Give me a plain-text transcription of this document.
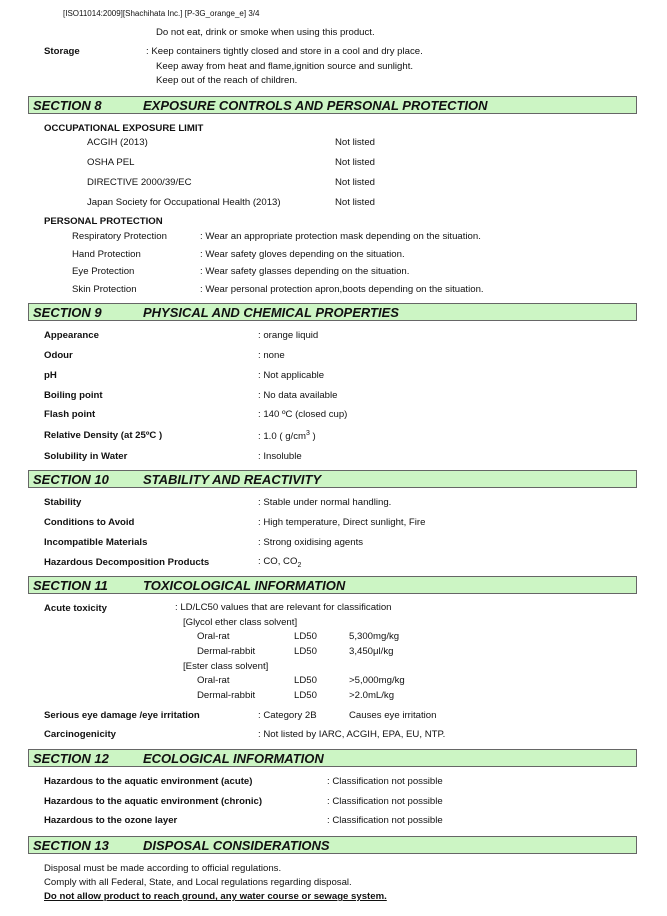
[ISO11014:2009][Shachihata Inc.] [P-3G_orange_e] 3/4
Do not eat, drink or smoke when using this product.
Storage	: Keep containers tightly closed and store in a cool and dry place.
Keep away from heat and flame,ignition source and sunlight.
Keep out of the reach of children.
SECTION 8	EXPOSURE CONTROLS AND PERSONAL PROTECTION
OCCUPATIONAL EXPOSURE LIMIT
ACGIH (2013)	Not listed
OSHA PEL	Not listed
DIRECTIVE 2000/39/EC	Not listed
Japan Society for Occupational Health (2013)	Not listed
PERSONAL PROTECTION
Respiratory Protection	: Wear an appropriate protection mask depending on the situation.
Hand Protection	: Wear safety gloves depending on the situation.
Eye Protection	: Wear safety glasses depending on the situation.
Skin Protection	: Wear personal protection apron,boots depending on the situation.
SECTION 9	PHYSICAL AND CHEMICAL PROPERTIES
Appearance	: orange liquid
Odour	: none
pH	: Not applicable
Boiling point	: No data available
Flash point	: 140 ºC (closed cup)
Relative Density (at 25ºC )	: 1.0 ( $g/cm^3$ )
Solubility in Water	: Insoluble
SECTION 10	STABILITY AND REACTIVITY
Stability	: Stable under normal handling.
Conditions to Avoid	: High temperature, Direct sunlight, Fire
Incompatible Materials	: Strong oxidising agents
Hazardous Decomposition Products	: CO, $CO_2$
SECTION 11	TOXICOLOGICAL INFORMATION
Acute toxicity	: LD/LC50 values that are relevant for classification
[Glycol ether class solvent]
Oral-rat	LD50	5,300mg/kg
Dermal-rabbit	LD50	3,450μl/kg
[Ester class solvent]
Oral-rat	LD50	>5,000mg/kg
Dermal-rabbit	LD50	>2.0mL/kg
Serious eye damage /eye irritation	: Category 2B	Causes eye irritation
Carcinogenicity	: Not listed by IARC, ACGIH, EPA, EU, NTP.
SECTION 12	ECOLOGICAL INFORMATION
Hazardous to the aquatic environment (acute)	: Classification not possible
Hazardous to the aquatic environment (chronic)	: Classification not possible
Hazardous to the ozone layer	: Classification not possible
SECTION 13	DISPOSAL CONSIDERATIONS
Disposal must be made according to official regulations.
Comply with all Federal, State, and Local regulations regarding disposal.
Do not allow product to reach ground, any water course or sewage system.
